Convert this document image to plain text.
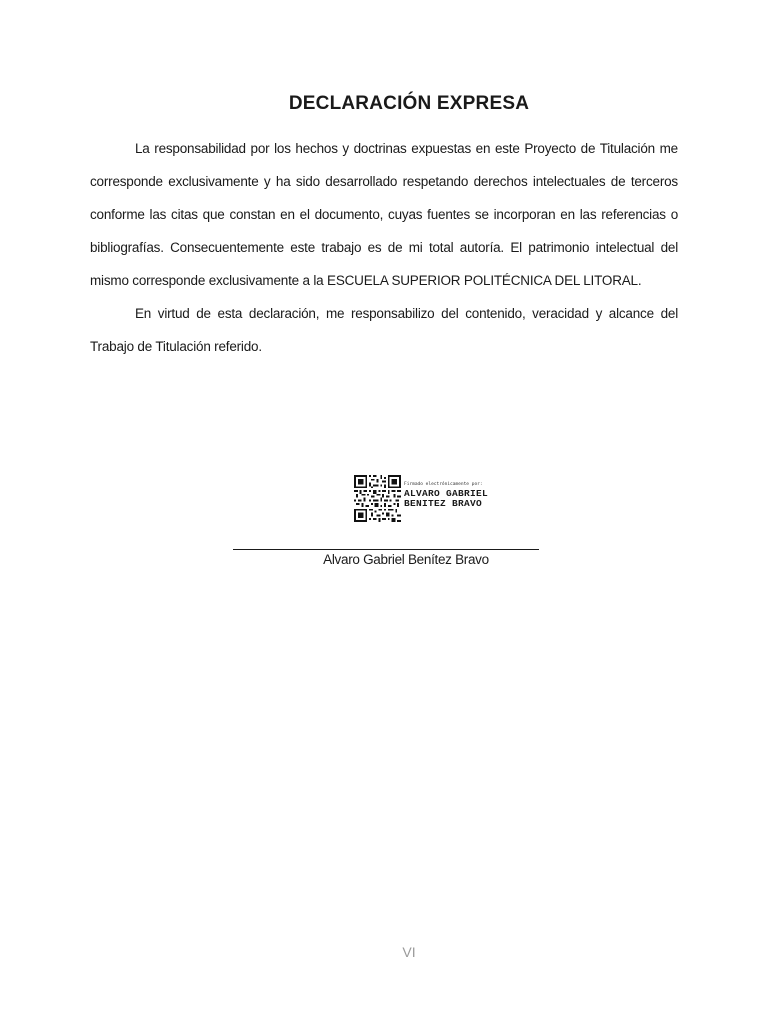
DECLARACIÓN EXPRESA

La responsabilidad por los hechos y doctrinas expuestas en este Proyecto de Titulación me corresponde exclusivamente y ha sido desarrollado respetando derechos intelectuales de terceros conforme las citas que constan en el documento, cuyas fuentes se incorporan en las referencias o bibliografías. Consecuentemente este trabajo es de mi total autoría. El patrimonio intelectual del mismo corresponde exclusivamente a la ESCUELA SUPERIOR POLITÉCNICA DEL LITORAL.

En virtud de esta declaración, me responsabilizo del contenido, veracidad y alcance del Trabajo de Titulación referido.

Firmado electrónicamente por:
ALVARO GABRIEL
BENITEZ BRAVO
Alvaro Gabriel Benítez Bravo
VI
